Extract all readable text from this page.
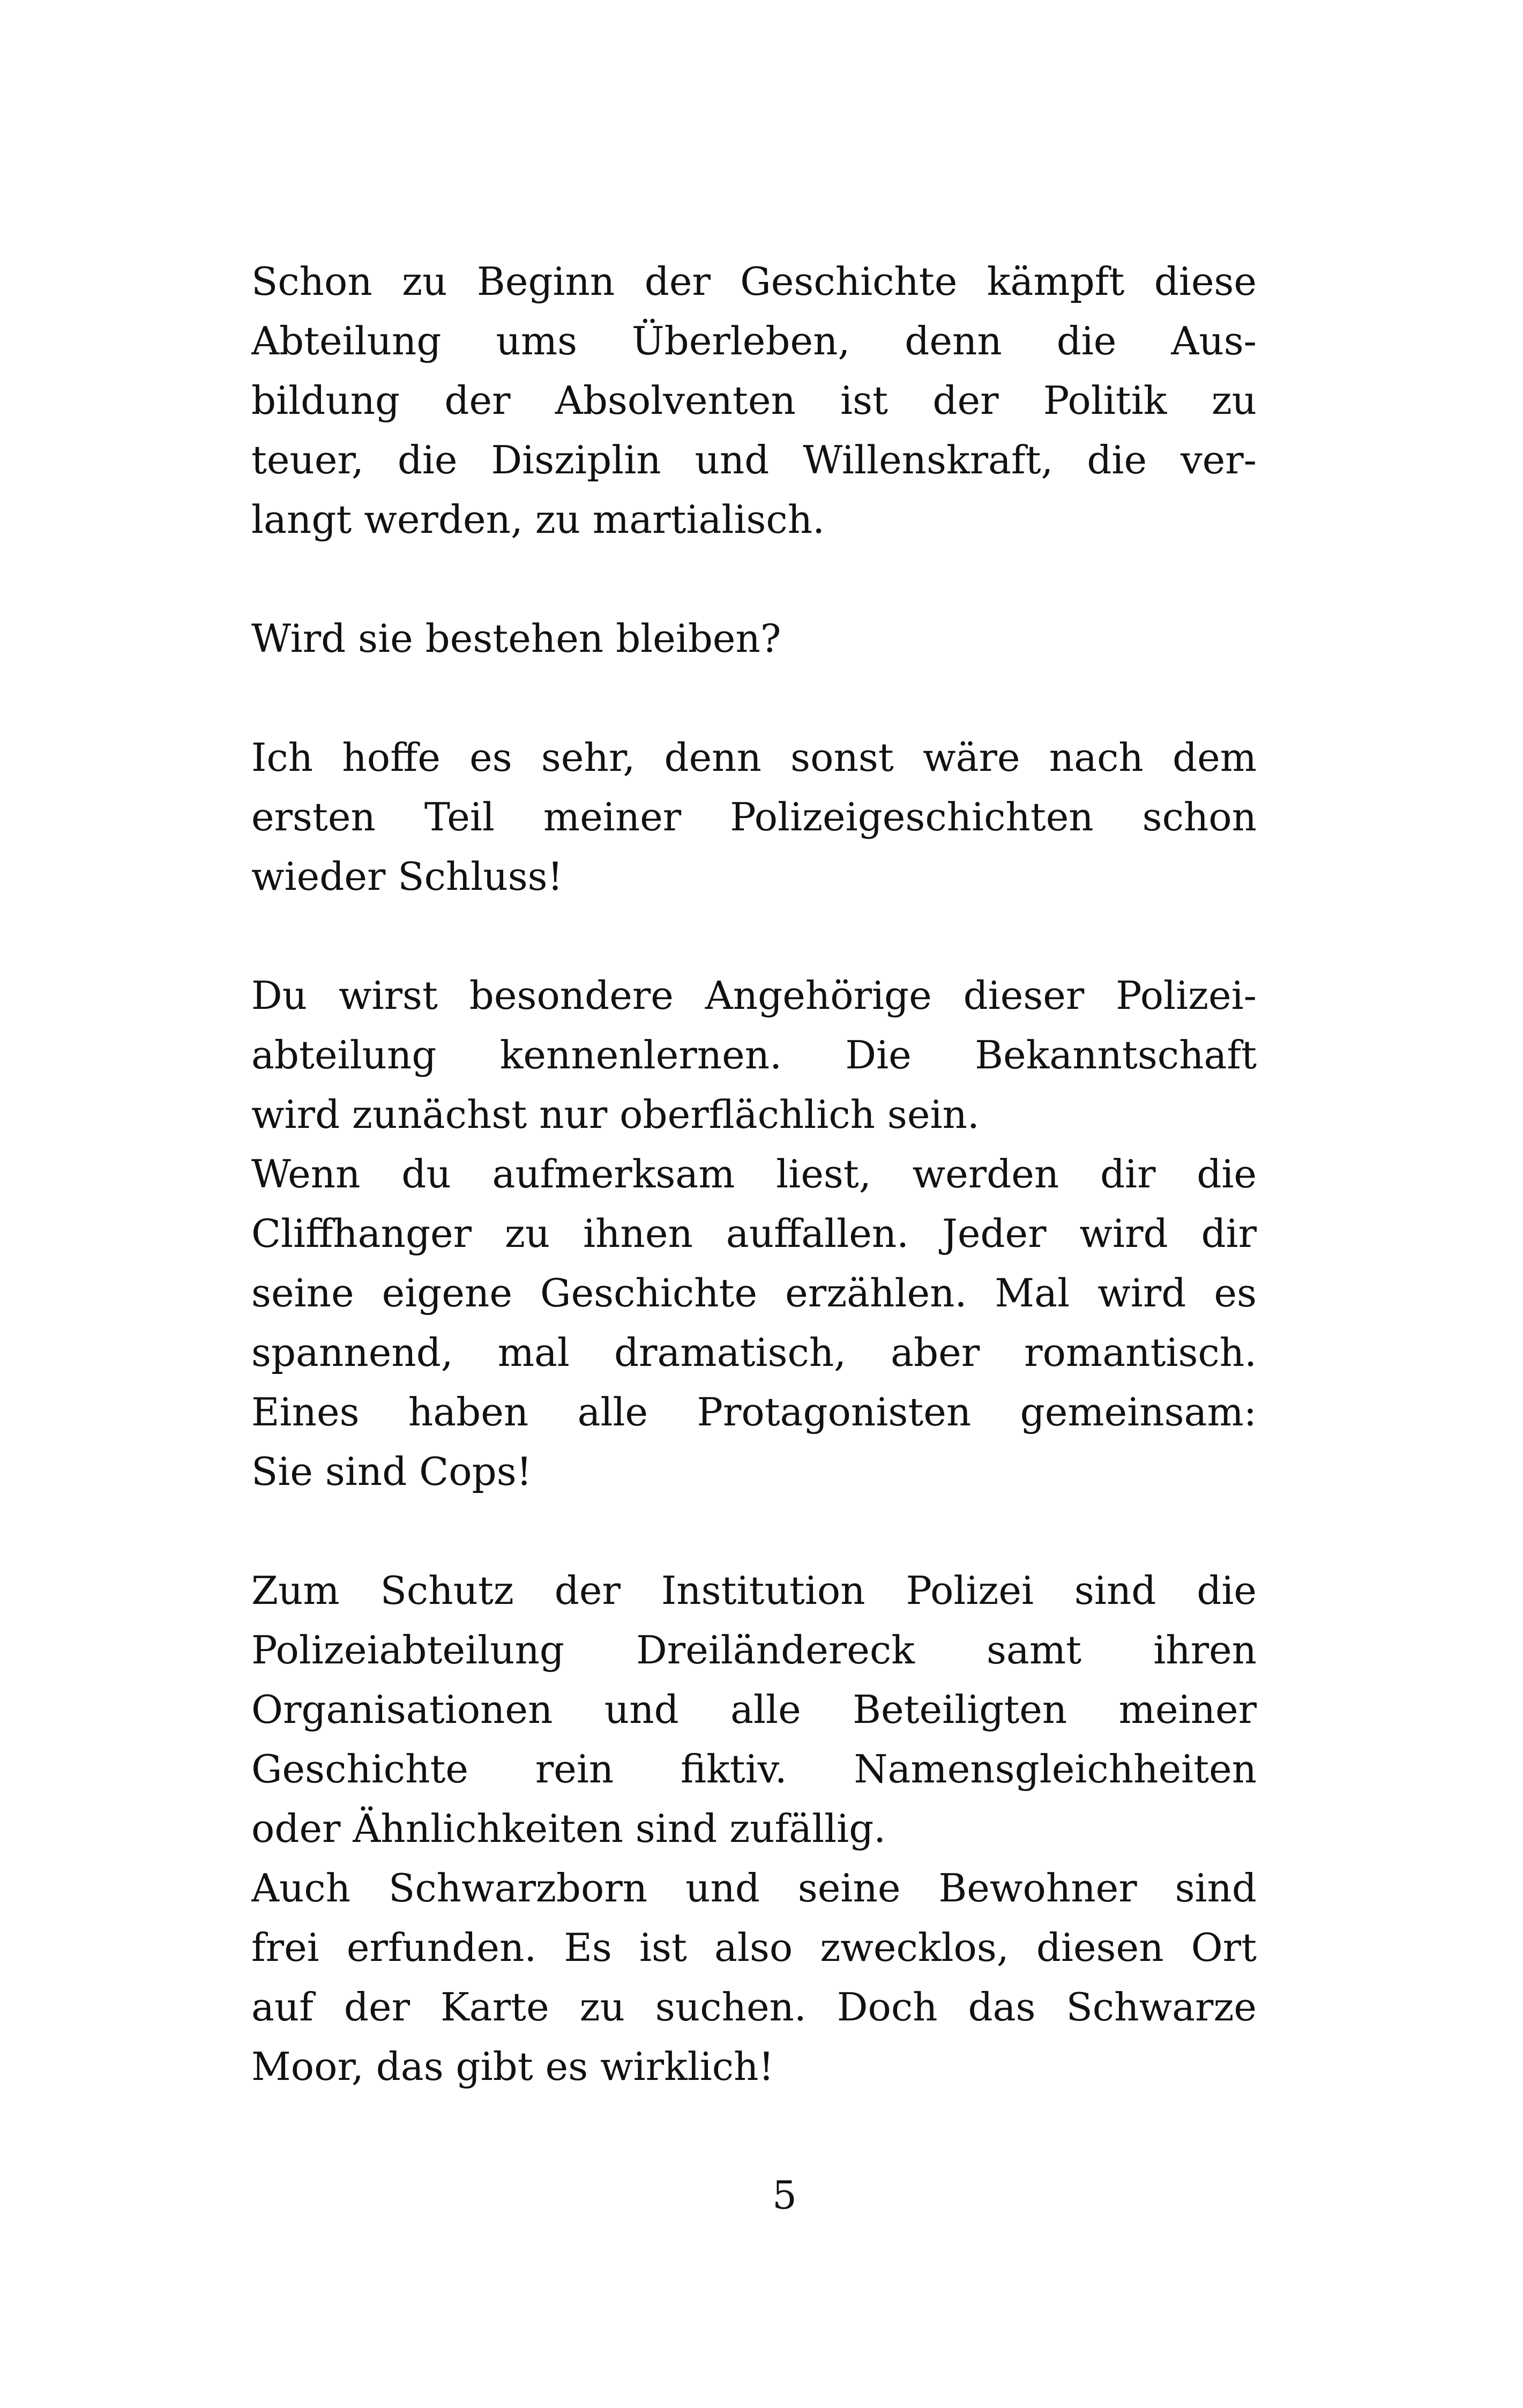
Schon zu Beginn der Geschichte kämpft diese
Abteilung ums Überleben, denn die Aus-
bildung der Absolventen ist der Politik zu
teuer, die Disziplin und Willenskraft, die ver-
langt werden, zu martialisch.
Wird sie bestehen bleiben?
Ich hoffe es sehr, denn sonst wäre nach dem
ersten Teil meiner Polizeigeschichten schon
wieder Schluss!
Du wirst besondere Angehörige dieser Polizei-
abteilung kennenlernen. Die Bekanntschaft
wird zunächst nur oberflächlich sein.
Wenn du aufmerksam liest, werden dir die
Cliffhanger zu ihnen auffallen. Jeder wird dir
seine eigene Geschichte erzählen. Mal wird es
spannend, mal dramatisch, aber romantisch.
Eines haben alle Protagonisten gemeinsam:
Sie sind Cops!
Zum Schutz der Institution Polizei sind die
Polizeiabteilung Dreiländereck samt ihren
Organisationen und alle Beteiligten meiner
Geschichte rein fiktiv. Namensgleichheiten
oder Ähnlichkeiten sind zufällig.
Auch Schwarzborn und seine Bewohner sind
frei erfunden. Es ist also zwecklos, diesen Ort
auf der Karte zu suchen. Doch das Schwarze
Moor, das gibt es wirklich!
5
